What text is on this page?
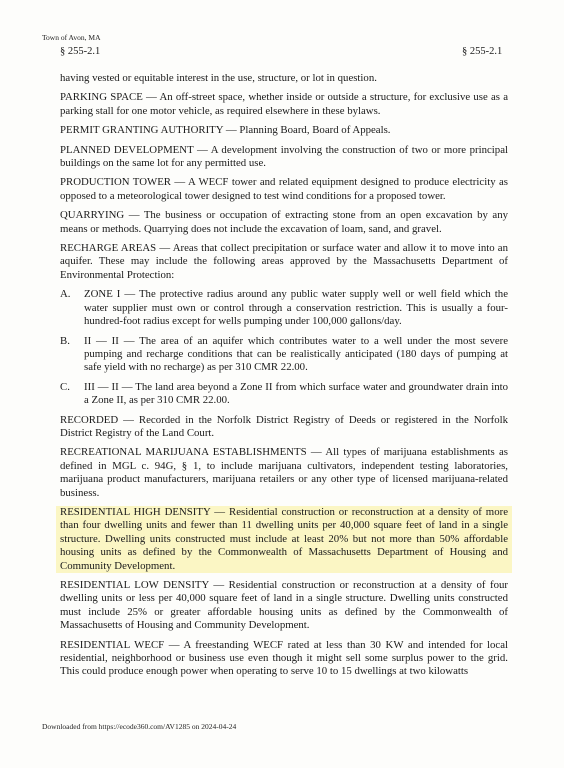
Town of Avon, MA
§ 255-2.1	§ 255-2.1

having vested or equitable interest in the use, structure, or lot in question.

PARKING SPACE — An off-street space, whether inside or outside a structure, for exclusive use as a parking stall for one motor vehicle, as required elsewhere in these bylaws.

PERMIT GRANTING AUTHORITY — Planning Board, Board of Appeals.

PLANNED DEVELOPMENT — A development involving the construction of two or more principal buildings on the same lot for any permitted use.

PRODUCTION TOWER — A WECF tower and related equipment designed to produce electricity as opposed to a meteorological tower designed to test wind conditions for a proposed tower.

QUARRYING — The business or occupation of extracting stone from an open excavation by any means or methods. Quarrying does not include the excavation of loam, sand, and gravel.

RECHARGE AREAS — Areas that collect precipitation or surface water and allow it to move into an aquifer. These may include the following areas approved by the Massachusetts Department of Environmental Protection:

A.	ZONE I — The protective radius around any public water supply well or well field which the water supplier must own or control through a conservation restriction. This is usually a four-hundred-foot radius except for wells pumping under 100,000 gallons/day.
B.	II — II — The area of an aquifer which contributes water to a well under the most severe pumping and recharge conditions that can be realistically anticipated (180 days of pumping at safe yield with no recharge) as per 310 CMR 22.00.
C.	III — II — The land area beyond a Zone II from which surface water and groundwater drain into a Zone II, as per 310 CMR 22.00.

RECORDED — Recorded in the Norfolk District Registry of Deeds or registered in the Norfolk District Registry of the Land Court.

RECREATIONAL MARIJUANA ESTABLISHMENTS — All types of marijuana establishments as defined in MGL c. 94G, § 1, to include marijuana cultivators, independent testing laboratories, marijuana product manufacturers, marijuana retailers or any other type of licensed marijuana-related business.

RESIDENTIAL HIGH DENSITY — Residential construction or reconstruction at a density of more than four dwelling units and fewer than 11 dwelling units per 40,000 square feet of land in a single structure. Dwelling units constructed must include at least 20% but not more than 50% affordable housing units as defined by the Commonwealth of Massachusetts Department of Housing and Community Development.

RESIDENTIAL LOW DENSITY — Residential construction or reconstruction at a density of four dwelling units or less per 40,000 square feet of land in a single structure. Dwelling units constructed must include 25% or greater affordable housing units as defined by the Commonwealth of Massachusetts of Housing and Community Development.

RESIDENTIAL WECF — A freestanding WECF rated at less than 30 KW and intended for local residential, neighborhood or business use even though it might sell some surplus power to the grid. This could produce enough power when operating to serve 10 to 15 dwellings at two kilowatts

Downloaded from https://ecode360.com/AV1285 on 2024-04-24
